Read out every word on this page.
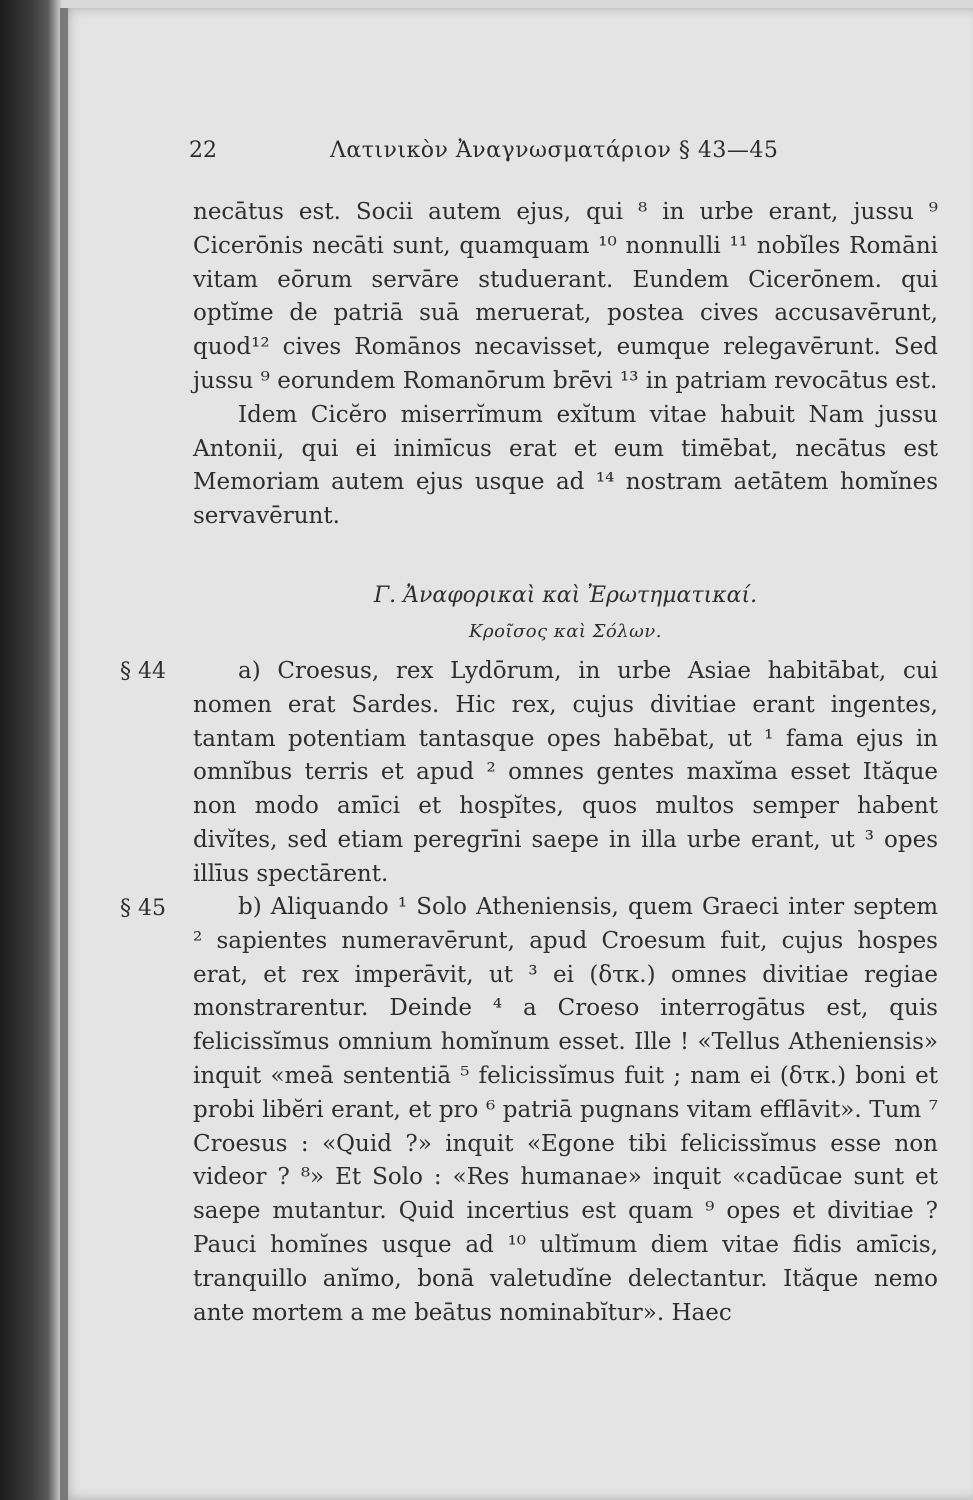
22	Λατινικὸν Ἀναγνωσματάριον § 43—45

necātus est. Socii autem ejus, qui ⁸ in urbe erant, jussu ⁹ Cicerōnis necāti sunt, quamquam ¹⁰ nonnulli ¹¹ nobĭles Romāni vitam eōrum servāre studuerant. Eundem Cicerōnem. qui optĭme de patriā suā meruerat, postea cives accusavērunt, quod¹² cives Romānos necavisset, eumque relegavērunt. Sed jussu ⁹ eorundem Romanōrum brēvi ¹³ in patriam revocātus est.

Idem Cicĕro miserrĭmum exĭtum vitae habuit Nam jussu Antonii, qui ei inimīcus erat et eum timēbat, necātus est Memoriam autem ejus usque ad ¹⁴ nostram aetātem homĭnes servavērunt.

Γ. Ἀναφορικαὶ καὶ Ἐρωτηματικαί.
Κροῖσος καὶ Σόλων.
§ 44	a) Croesus, rex Lydōrum, in urbe Asiae habitābat, cui nomen erat Sardes. Hic rex, cujus divitiae erant ingentes, tantam potentiam tantasque opes habēbat, ut ¹ fama ejus in omnĭbus terris et apud ² omnes gentes maxĭma esset Ităque non modo amīci et hospĭtes, quos multos semper habent divĭtes, sed etiam peregrīni saepe in illa urbe erant, ut ³ opes illīus spectārent.

§ 45	b) Aliquando ¹ Solo Atheniensis, quem Graeci inter septem ² sapientes numeravērunt, apud Croesum fuit, cujus hospes erat, et rex imperāvit, ut ³ ei (δτκ.) omnes divitiae regiae monstrarentur. Deinde ⁴ a Croeso interrogātus est, quis felicissĭmus omnium homĭnum esset. Ille ! «Tellus Atheniensis» inquit «meā sententiā ⁵ felicissĭmus fuit ; nam ei (δτκ.) boni et probi libĕri erant, et pro ⁶ patriā pugnans vitam efflāvit». Tum ⁷ Croesus : «Quid ?» inquit «Egone tibi felicissĭmus esse non videor ? ⁸» Et Solo : «Res humanae» inquit «cadūcae sunt et saepe mutantur. Quid incertius est quam ⁹ opes et divitiae ? Pauci homĭnes usque ad ¹⁰ ultĭmum diem vitae fidis amīcis, tranquillo anĭmo, bonā valetudĭne delectantur. Ităque nemo ante mortem a me beātus nominabĭtur». Haec
